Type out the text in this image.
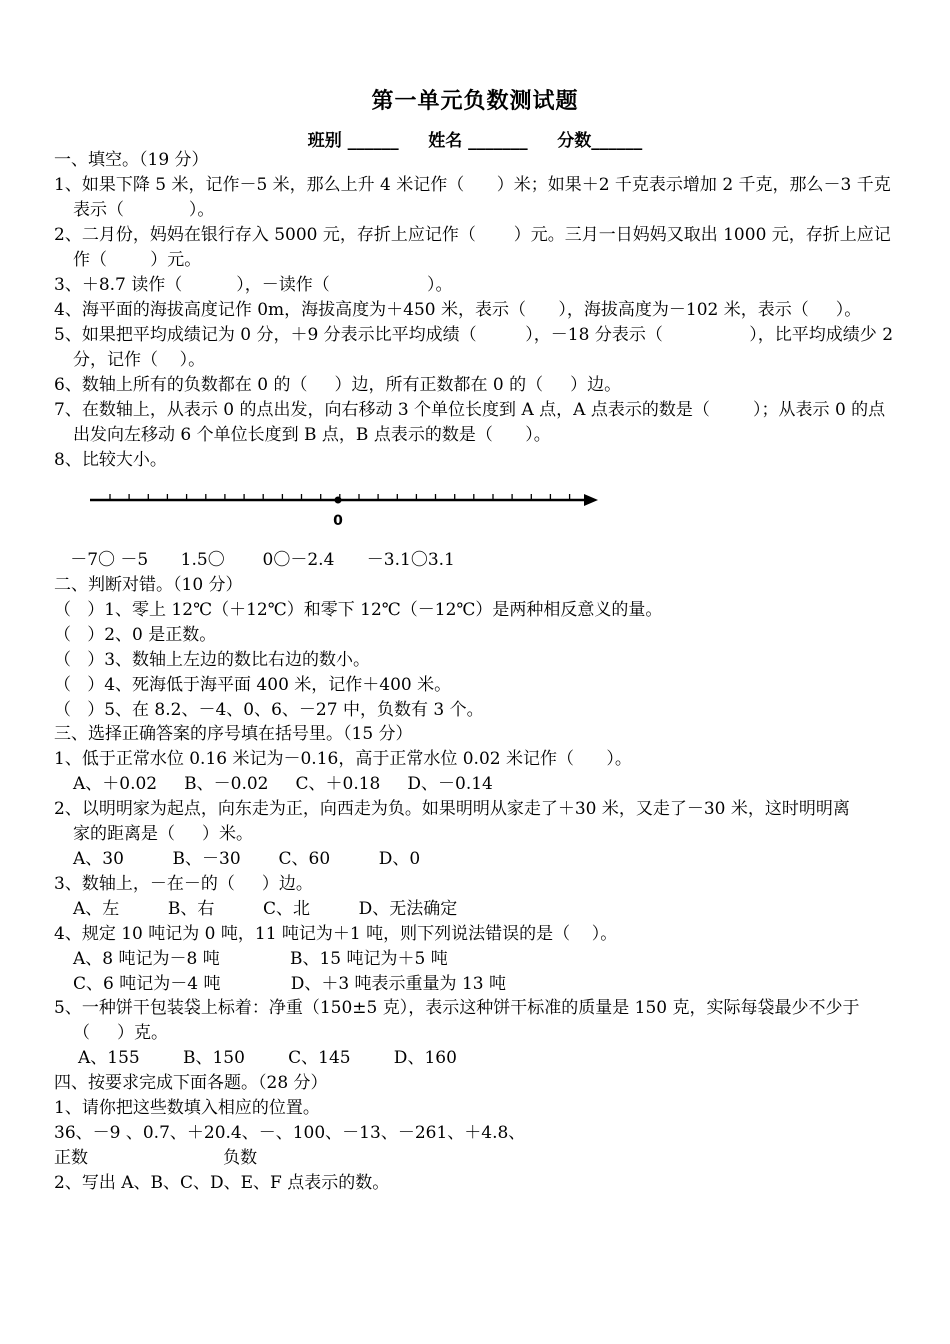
第一单元负数测试题
班别 ______     姓名 _______     分数______
一、填空。（19 分）
1、如果下降 5 米，记作－5 米，那么上升 4 米记作（      ）米；如果＋2 千克表示增加 2 千克，那么－3 千克
表示（            ）。
2、二月份，妈妈在银行存入 5000 元，存折上应记作（       ）元。三月一日妈妈又取出 1000 元，存折上应记
作（        ）元。
3、＋8.7 读作（          ），－读作（                  ）。
4、海平面的海拔高度记作 0m，海拔高度为＋450 米，表示（      ），海拔高度为－102 米，表示（     ）。
5、如果把平均成绩记为 0 分，＋9 分表示比平均成绩（         ），－18 分表示（                ），比平均成绩少 2
分，记作（    ）。
6、数轴上所有的负数都在 0 的（     ）边，所有正数都在 0 的（     ）边。
7、在数轴上，从表示 0 的点出发，向右移动 3 个单位长度到 A 点，A 点表示的数是（        ）；从表示 0 的点
出发向左移动 6 个单位长度到 B 点，B 点表示的数是（      ）。
8、比较大小。
0
－7〇 －5      1.5〇       0〇－2.4      －3.1〇3.1
二、判断对错。（10 分）
（   ）1、零上 12℃（＋12℃）和零下 12℃（－12℃）是两种相反意义的量。
（   ）2、0 是正数。
（   ）3、数轴上左边的数比右边的数小。
（   ）4、死海低于海平面 400 米，记作＋400 米。
（   ）5、在 8.2、－4、0、6、－27 中，负数有 3 个。
三、选择正确答案的序号填在括号里。（15 分）
1、低于正常水位 0.16 米记为－0.16，高于正常水位 0.02 米记作（      ）。
A、＋0.02     B、－0.02     C、＋0.18     D、－0.14
2、以明明家为起点，向东走为正，向西走为负。如果明明从家走了＋30 米，又走了－30 米，这时明明离
家的距离是（     ）米。
A、30         B、－30       C、60         D、0
3、数轴上，－在－的（     ）边。
A、左         B、右         C、北         D、无法确定
4、规定 10 吨记为 0 吨，11 吨记为＋1 吨，则下列说法错误的是（    ）。
A、8 吨记为－8 吨             B、15 吨记为＋5 吨
C、6 吨记为－4 吨             D、＋3 吨表示重量为 13 吨
5、一种饼干包装袋上标着：净重（150±5 克），表示这种饼干标准的质量是 150 克，实际每袋最少不少于
（     ）克。
A、155        B、150        C、145        D、160
四、按要求完成下面各题。（28 分）
1、请你把这些数填入相应的位置。
36、－9 、0.7、＋20.4、－、100、－13、－261、＋4.8、
正数                         负数
2、写出 A、B、C、D、E、F 点表示的数。
